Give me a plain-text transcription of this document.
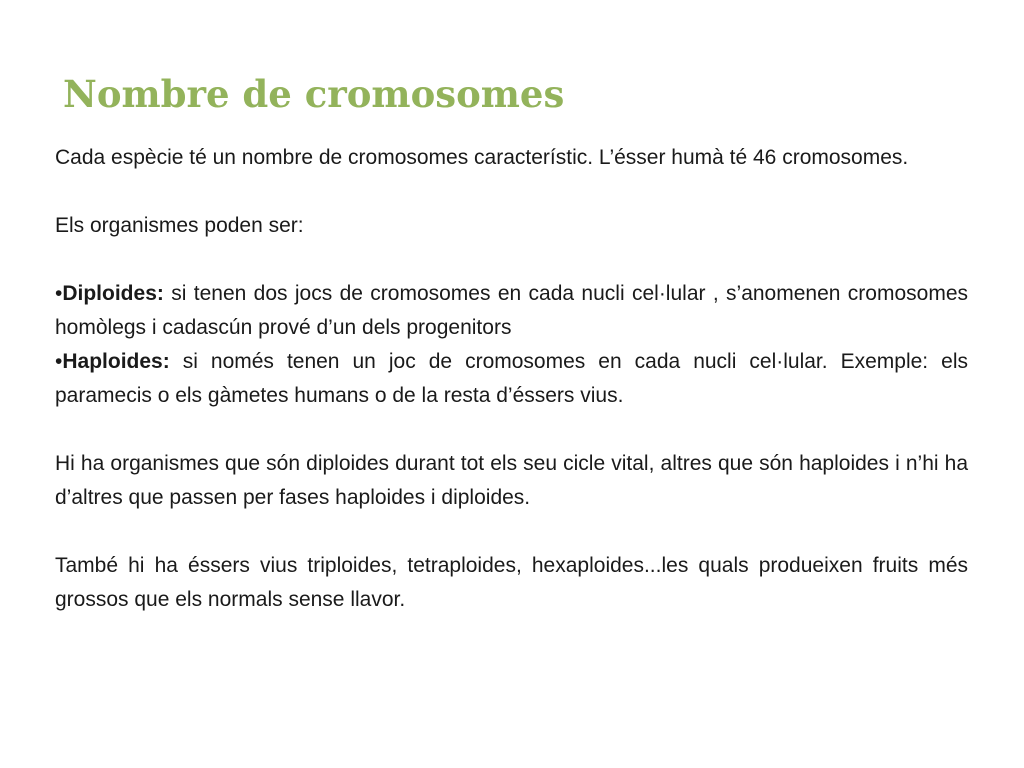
Nombre de cromosomes

Cada espècie té un nombre de cromosomes característic. L’ésser humà té 46 cromosomes.

Els organismes poden ser:

•Diploides: si tenen dos jocs de cromosomes en cada nucli cel·lular , s’anomenen cromosomes homòlegs i cadascún prové d’un dels progenitors

•Haploides: si només tenen un joc de cromosomes en cada nucli cel·lular. Exemple: els paramecis o els gàmetes humans o de la resta d’éssers vius.

Hi ha organismes que són diploides durant tot els seu cicle vital, altres que són haploides i n’hi ha d’altres que passen per fases haploides i diploides.

També hi ha éssers vius triploides, tetraploides, hexaploides...les quals produeixen fruits més grossos que els normals sense llavor.
